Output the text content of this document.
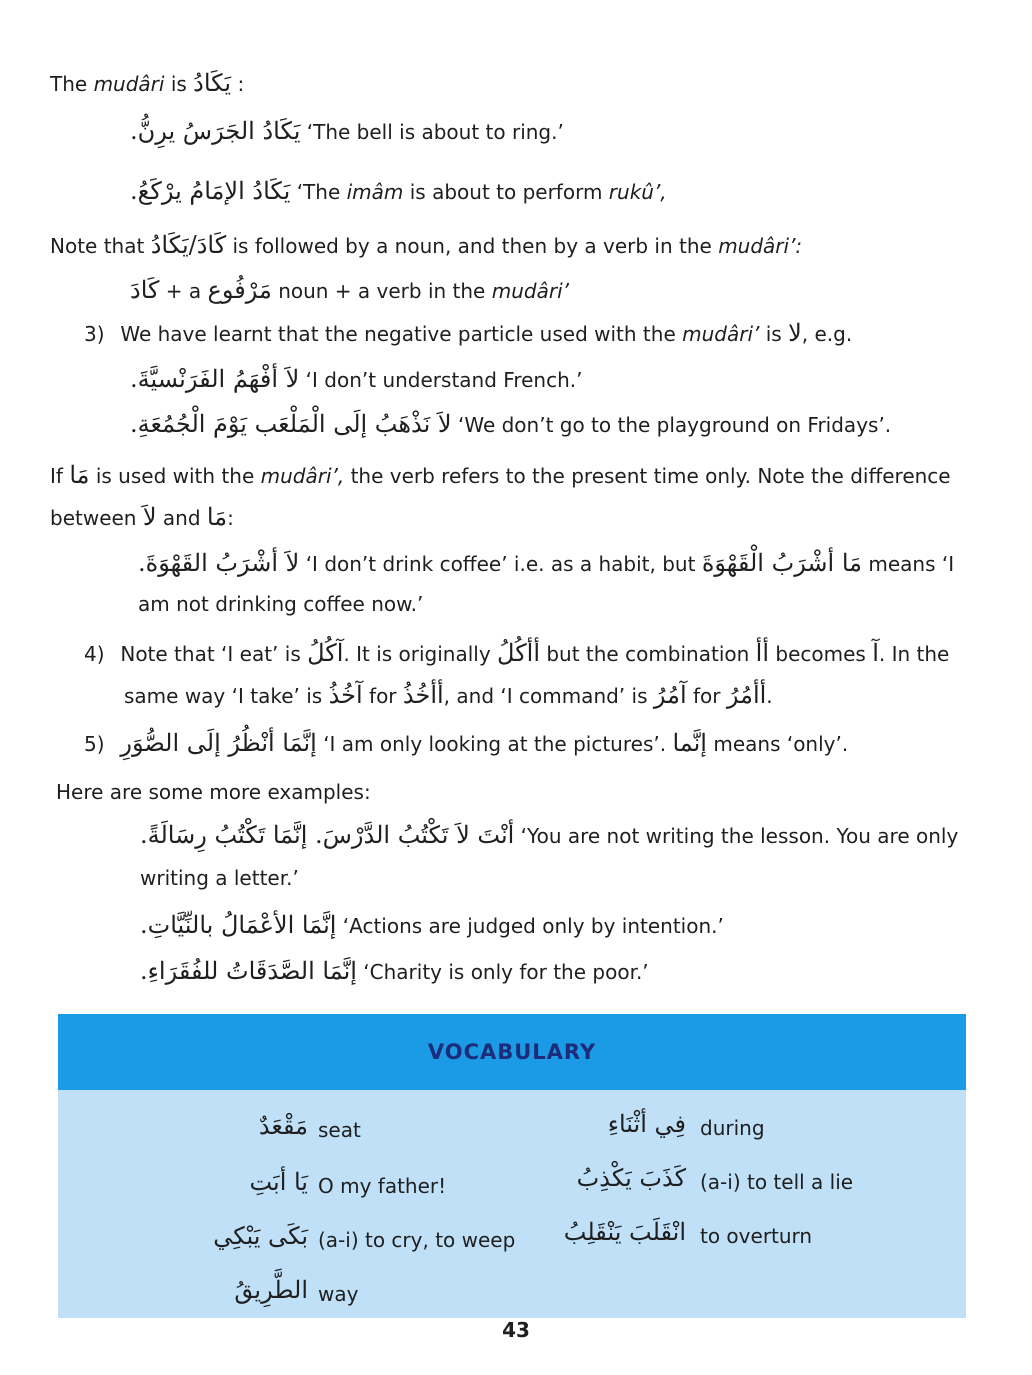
The mudâri is يَكَادُ :
يَكَادُ الجَرَسُ يرِنُّ. ‘The bell is about to ring.’
يَكَادُ الإمَامُ يرْكَعُ. ‘The imâm is about to perform rukû’,
Note that كَادَ/يَكَادُ is followed by a noun, and then by a verb in the mudâri’:
كَادَ + a مَرْفُوع noun + a verb in the mudâri’
3) We have learnt that the negative particle used with the mudâri’ is لا, e.g.
لاَ أفْهَمُ الفَرَنْسيَّةَ. ‘I don’t understand French.’
لاَ نَذْهَبُ إلَى الْمَلْعَب يَوْمَ الْجُمُعَةِ. ‘We don’t go to the playground on Fridays’.
If مَا is used with the mudâri’, the verb refers to the present time only. Note the difference
between لاَ and مَا:
لاَ أشْرَبُ القَهْوَةَ. ‘I don’t drink coffee’ i.e. as a habit, but مَا أشْرَبُ الْقَهْوَةَ means ‘I
am not drinking coffee now.’
4) Note that ‘I eat’ is آكُلُ. It is originally أأكُلُ but the combination أأ becomes آ. In the
same way ‘I take’ is آخُذُ for أأخُذُ, and ‘I command’ is آمُرُ for أأمُرُ.
5) إنَّمَا أنْظُرُ إلَى الصُّوَرِ ‘I am only looking at the pictures’. إنَّما means ‘only’.
Here are some more examples:
أنْتَ لاَ تَكْتُبُ الدَّرْسَ. إنَّمَا تَكْتُبُ رِسَالَةً. ‘You are not writing the lesson. You are only
writing a letter.’
إنَّمَا الأعْمَالُ بالنِّيَّاتِ. ‘Actions are judged only by intention.’
إنَّمَا الصَّدَقَاتُ للفُقَرَاءِ. ‘Charity is only for the poor.’
VOCABULARY
مَقْعَدٌ seat
يَا أبَتِ O my father!
بَكَى يَبْكِي (a-i) to cry, to weep
الطَّرِيقُ way
فِي أثْنَاءِ during
كَذَبَ يَكْذِبُ (a-i) to tell a lie
انْقَلَبَ يَنْقَلِبُ to overturn
43
